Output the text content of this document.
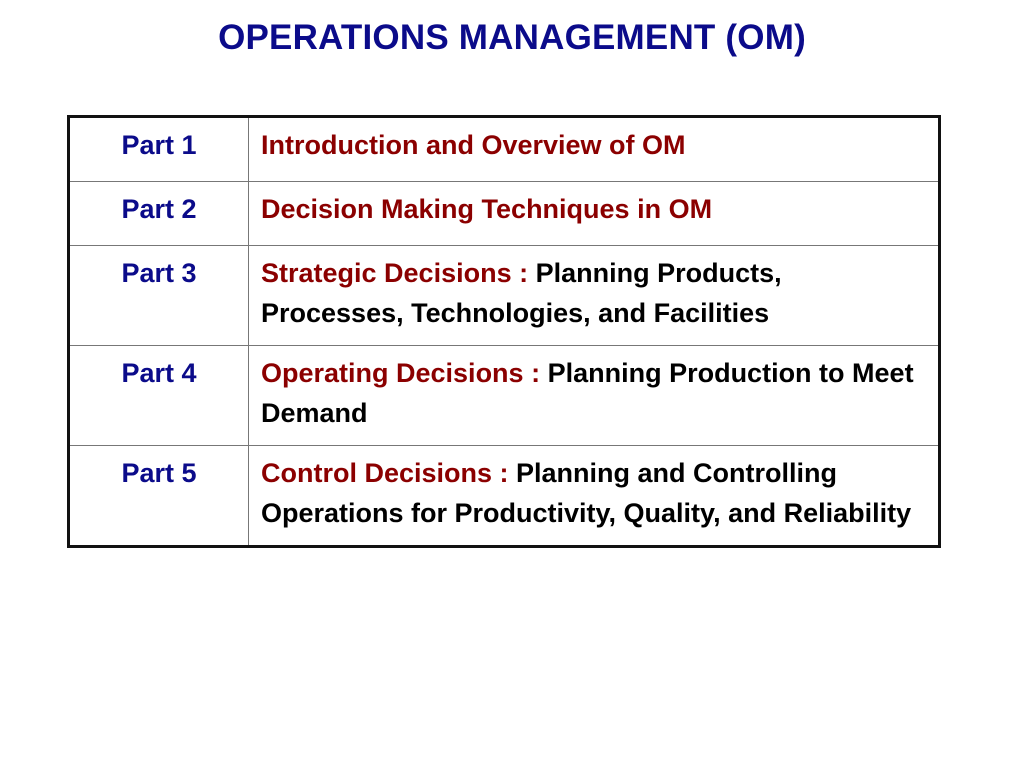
OPERATIONS MANAGEMENT (OM)
Part 1	Introduction and Overview of OM
Part 2	Decision Making Techniques in OM
Part 3	Strategic Decisions : Planning Products, Processes, Technologies, and Facilities
Part 4	Operating Decisions : Planning Production to Meet Demand
Part 5	Control Decisions : Planning and Controlling Operations for Productivity, Quality, and Reliability
